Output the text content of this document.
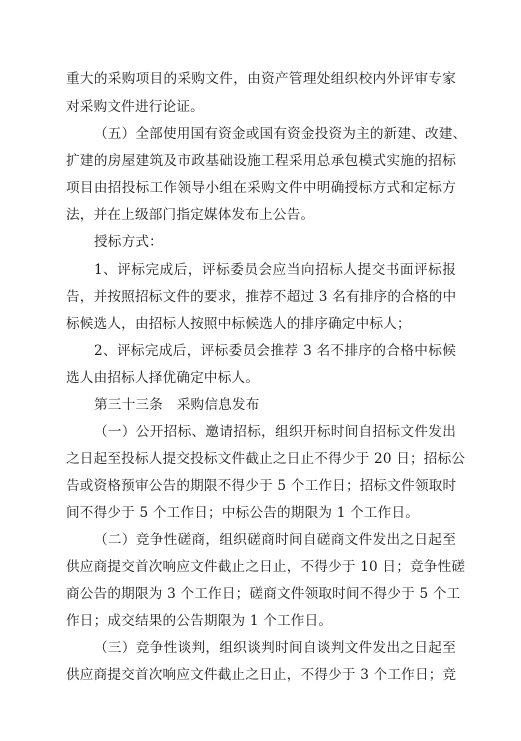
重大的采购项目的采购文件，由资产管理处组织校内外评审专家
对采购文件进行论证。
（五）全部使用国有资金或国有资金投资为主的新建、改建、
扩建的房屋建筑及市政基础设施工程采用总承包模式实施的招标
项目由招投标工作领导小组在采购文件中明确授标方式和定标方
法，并在上级部门指定媒体发布上公告。
授标方式：
1、评标完成后，评标委员会应当向招标人提交书面评标报
告，并按照招标文件的要求，推荐不超过 3 名有排序的合格的中
标候选人，由招标人按照中标候选人的排序确定中标人；
2、评标完成后，评标委员会推荐 3 名不排序的合格中标候
选人由招标人择优确定中标人。
第三十三条　采购信息发布
（一）公开招标、邀请招标，组织开标时间自招标文件发出
之日起至投标人提交投标文件截止之日止不得少于 20 日；招标公
告或资格预审公告的期限不得少于 5 个工作日；招标文件领取时
间不得少于 5 个工作日；中标公告的期限为 1 个工作日。
（二）竞争性磋商，组织磋商时间自磋商文件发出之日起至
供应商提交首次响应文件截止之日止，不得少于 10 日；竞争性磋
商公告的期限为 3 个工作日；磋商文件领取时间不得少于 5 个工
作日；成交结果的公告期限为 1 个工作日。
（三）竞争性谈判，组织谈判时间自谈判文件发出之日起至
供应商提交首次响应文件截止之日止，不得少于 3 个工作日；竞
